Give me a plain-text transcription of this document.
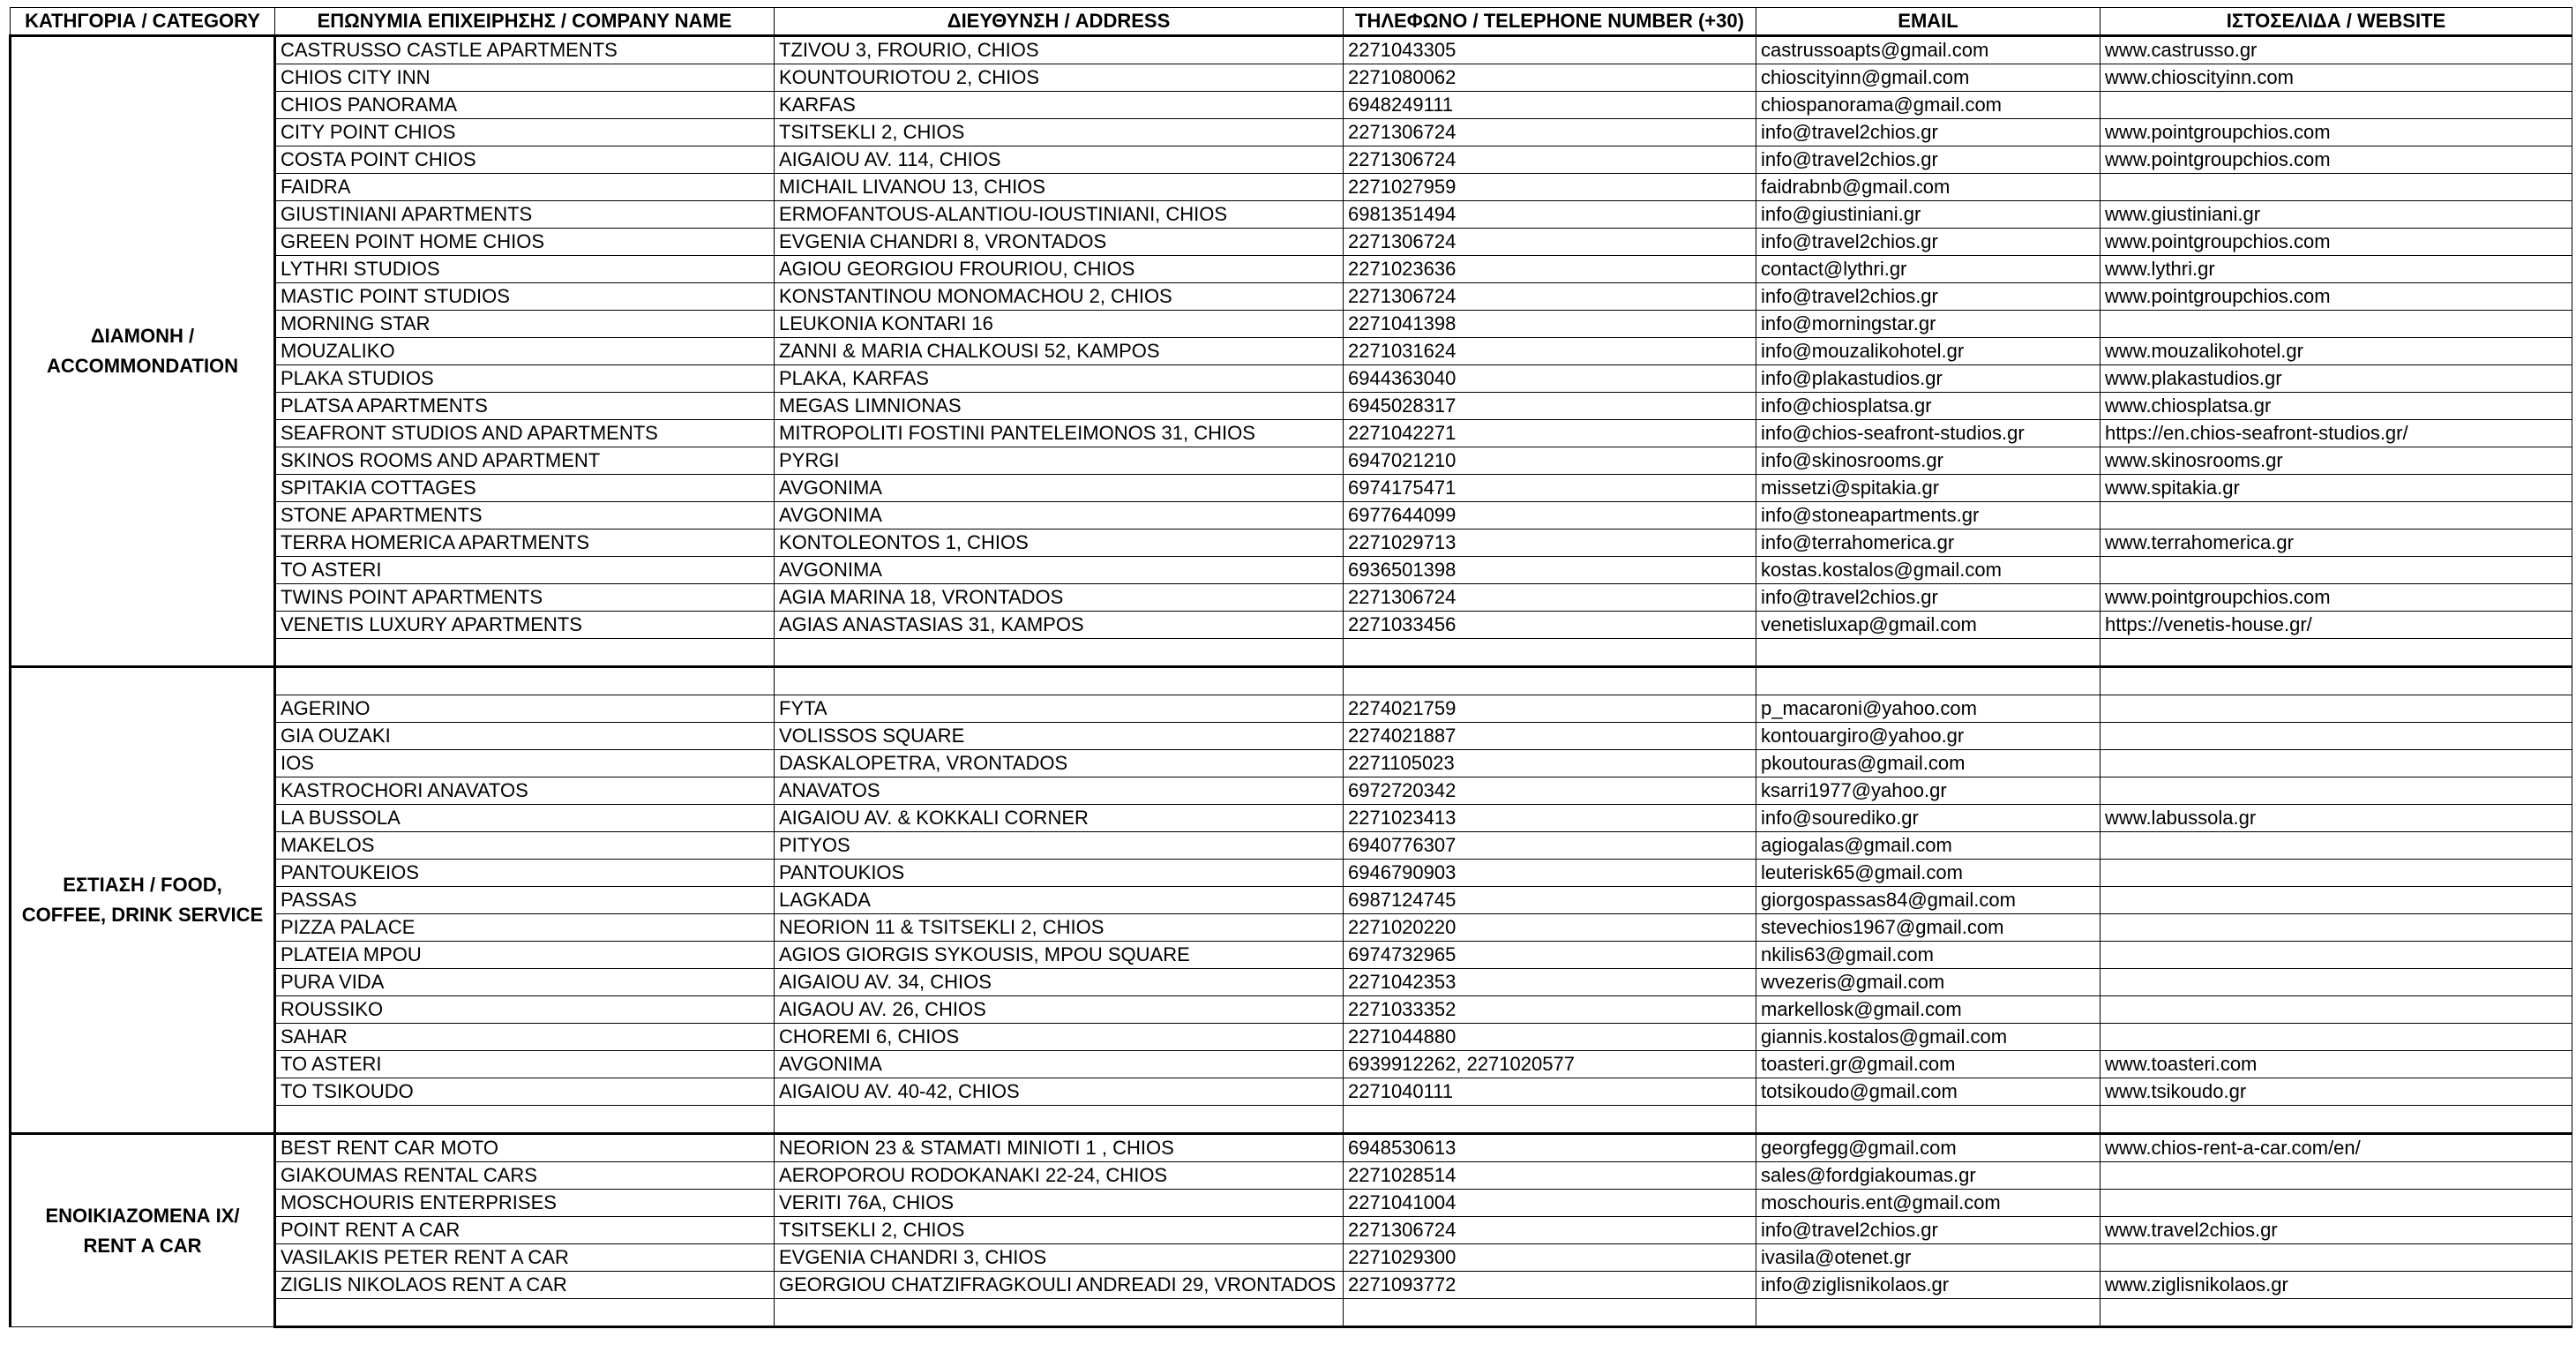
ΚΑΤΗΓΟΡΙΑ / CATEGORY	ΕΠΩΝΥΜΙΑ ΕΠΙΧΕΙΡΗΣΗΣ / COMPANY NAME	ΔΙΕΥΘΥΝΣΗ / ADDRESS	ΤΗΛΕΦΩΝΟ / TELEPHONE NUMBER (+30)	EMAIL	ΙΣΤΟΣΕΛΙΔΑ / WEBSITE
ΔΙΑΜΟΝΗ / ACCOMMONDATION	CASTRUSSO CASTLE APARTMENTS	TZIVOU 3, FROURIO, CHIOS	2271043305	castrussoapts@gmail.com	www.castrusso.gr
	CHIOS CITY INN	KOUNTOURIOTOU 2, CHIOS	2271080062	chioscityinn@gmail.com	www.chioscityinn.com
	CHIOS PANORAMA	KARFAS	6948249111	chiospanorama@gmail.com	
	CITY POINT CHIOS	TSITSEKLI 2, CHIOS	2271306724	info@travel2chios.gr	www.pointgroupchios.com
	COSTA POINT CHIOS	AIGAIOU AV. 114, CHIOS	2271306724	info@travel2chios.gr	www.pointgroupchios.com
	FAIDRA	MICHAIL LIVANOU 13, CHIOS	2271027959	faidrabnb@gmail.com	
	GIUSTINIANI APARTMENTS	ERMOFANTOUS-ALANTIOU-IOUSTINIANI, CHIOS	6981351494	info@giustiniani.gr	www.giustiniani.gr
	GREEN POINT HOME CHIOS	EVGENIA CHANDRI 8, VRONTADOS	2271306724	info@travel2chios.gr	www.pointgroupchios.com
	LYTHRI STUDIOS	AGIOU GEORGIOU FROURIOU, CHIOS	2271023636	contact@lythri.gr	www.lythri.gr
	MASTIC POINT STUDIOS	KONSTANTINOU MONOMACHOU 2, CHIOS	2271306724	info@travel2chios.gr	www.pointgroupchios.com
	MORNING STAR	LEUKONIA KONTARI 16	2271041398	info@morningstar.gr	
	MOUZALIKO	ZANNI & MARIA CHALKOUSI 52, KAMPOS	2271031624	info@mouzalikohotel.gr	www.mouzalikohotel.gr
	PLAKA STUDIOS	PLAKA, KARFAS	6944363040	info@plakastudios.gr	www.plakastudios.gr
	PLATSA APARTMENTS	MEGAS LIMNIONAS	6945028317	info@chiosplatsa.gr	www.chiosplatsa.gr
	SEAFRONT STUDIOS AND APARTMENTS	MITROPOLITI FOSTINI PANTELEIMONOS 31, CHIOS	2271042271	info@chios-seafront-studios.gr	https://en.chios-seafront-studios.gr/
	SKINOS ROOMS AND APARTMENT	PYRGI	6947021210	info@skinosrooms.gr	www.skinosrooms.gr
	SPITAKIA COTTAGES	AVGONIMA	6974175471	missetzi@spitakia.gr	www.spitakia.gr
	STONE APARTMENTS	AVGONIMA	6977644099	info@stoneapartments.gr	
	TERRA HOMERICA APARTMENTS	KONTOLEONTOS 1, CHIOS	2271029713	info@terrahomerica.gr	www.terrahomerica.gr
	TO ASTERI	AVGONIMA	6936501398	kostas.kostalos@gmail.com	
	TWINS POINT APARTMENTS	AGIA MARINA 18, VRONTADOS	2271306724	info@travel2chios.gr	www.pointgroupchios.com
	VENETIS LUXURY APARTMENTS	AGIAS ANASTASIAS 31, KAMPOS	2271033456	venetisluxap@gmail.com	https://venetis-house.gr/

ΕΣΤΙΑΣΗ / FOOD, COFFEE, DRINK SERVICE					
	AGERINO	FYTA	2274021759	p_macaroni@yahoo.com	
	GIA OUZAKI	VOLISSOS SQUARE	2274021887	kontouargiro@yahoo.gr	
	IOS	DASKALOPETRA, VRONTADOS	2271105023	pkoutouras@gmail.com	
	KASTROCHORI ANAVATOS	ANAVATOS	6972720342	ksarri1977@yahoo.gr	
	LA BUSSOLA	AIGAIOU AV. & KOKKALI CORNER	2271023413	info@sourediko.gr	www.labussola.gr
	MAKELOS	PITYOS	6940776307	agiogalas@gmail.com	
	PANTOUKEIOS	PANTOUKIOS	6946790903	leuterisk65@gmail.com	
	PASSAS	LAGKADA	6987124745	giorgospassas84@gmail.com	
	PIZZA PALACE	NEORION 11 & TSITSEKLI 2, CHIOS	2271020220	stevechios1967@gmail.com	
	PLATEIA MPOU	AGIOS GIORGIS SYKOUSIS, MPOU SQUARE	6974732965	nkilis63@gmail.com	
	PURA VIDA	AIGAIOU AV. 34, CHIOS	2271042353	wvezeris@gmail.com	
	ROUSSIKO	AIGAOU AV. 26, CHIOS	2271033352	markellosk@gmail.com	
	SAHAR	CHOREMI 6, CHIOS	2271044880	giannis.kostalos@gmail.com	
	TO ASTERI	AVGONIMA	6939912262, 2271020577	toasteri.gr@gmail.com	www.toasteri.com
	TO TSIKOUDO	AIGAIOU AV. 40-42, CHIOS	2271040111	totsikoudo@gmail.com	www.tsikoudo.gr

ΕΝΟΙΚΙΑΖΟΜΕΝΑ ΙΧ/ RENT A CAR	BEST RENT CAR MOTO	NEORION 23 & STAMATI MINIOTI 1 , CHIOS	6948530613	georgfegg@gmail.com	www.chios-rent-a-car.com/en/
	GIAKOUMAS RENTAL CARS	AEROPOROU RODOKANAKI 22-24, CHIOS	2271028514	sales@fordgiakoumas.gr	
	MOSCHOURIS ENTERPRISES	VERITI 76A, CHIOS	2271041004	moschouris.ent@gmail.com	
	POINT RENT A CAR	TSITSEKLI 2, CHIOS	2271306724	info@travel2chios.gr	www.travel2chios.gr
	VASILAKIS PETER RENT A CAR	EVGENIA CHANDRI 3, CHIOS	2271029300	ivasila@otenet.gr	
	ZIGLIS NIKOLAOS RENT A CAR	GEORGIOU CHATZIFRAGKOULI ANDREADI 29, VRONTADOS	2271093772	info@ziglisnikolaos.gr	www.ziglisnikolaos.gr
